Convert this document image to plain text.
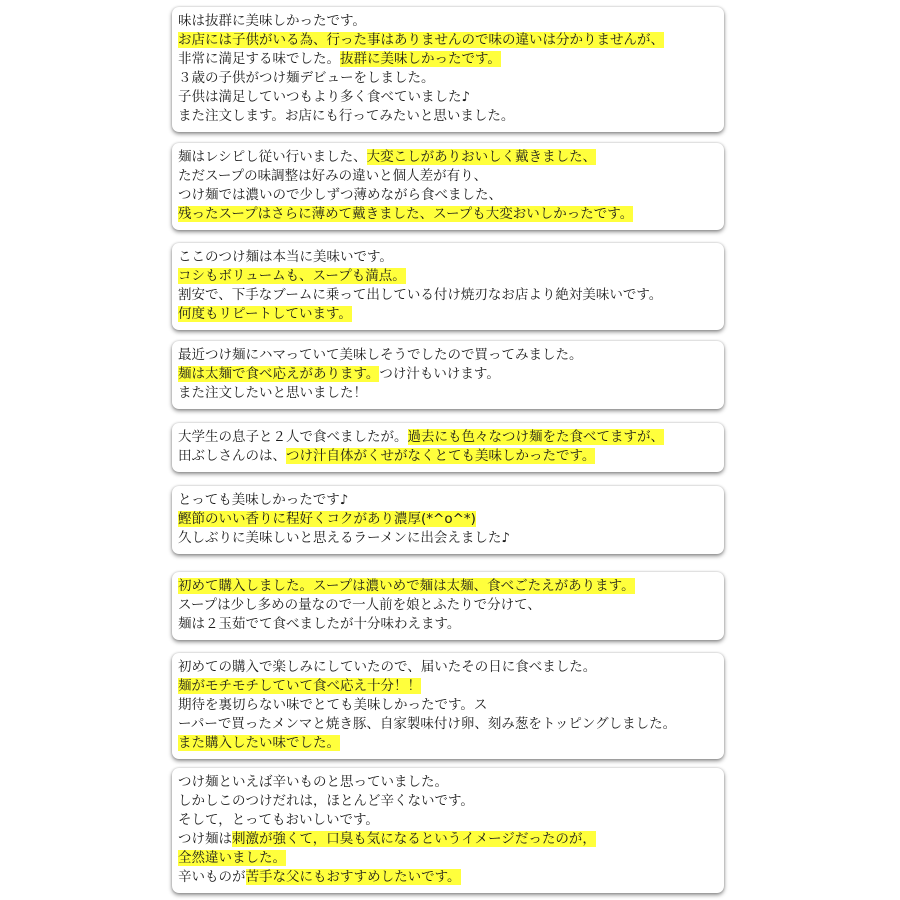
味は抜群に美味しかったです。
お店には子供がいる為、行った事はありませんので味の違いは分かりませんが、
非常に満足する味でした。抜群に美味しかったです。
３歳の子供がつけ麺デビューをしました。
子供は満足していつもより多く食べていました♪
また注文します。お店にも行ってみたいと思いました。
麺はレシピし従い行いました、大変こしがありおいしく戴きました、
ただスープの味調整は好みの違いと個人差が有り、
つけ麺では濃いので少しずつ薄めながら食べました、
残ったスープはさらに薄めて戴きました、スープも大変おいしかったです。
ここのつけ麺は本当に美味いです。
コシもボリュームも、スープも満点。
割安で、下手なブームに乗って出している付け焼刃なお店より絶対美味いです。
何度もリピートしています。
最近つけ麺にハマっていて美味しそうでしたので買ってみました。
麺は太麺で食べ応えがあります。つけ汁もいけます。
また注文したいと思いました！
大学生の息子と２人で食べましたが。過去にも色々なつけ麺をた食べてますが、
田ぶしさんのは、つけ汁自体がくせがなくとても美味しかったです。
とっても美味しかったです♪
鰹節のいい香りに程好くコクがあり濃厚(*^o^*)
久しぶりに美味しいと思えるラーメンに出会えました♪
初めて購入しました。スープは濃いめで麺は太麺、食べごたえがあります。
スープは少し多めの量なので一人前を娘とふたりで分けて、
麺は２玉茹でて食べましたが十分味わえます。
初めての購入で楽しみにしていたので、届いたその日に食べました。
麺がモチモチしていて食べ応え十分！！
期待を裏切らない味でとても美味しかったです。ス
ーパーで買ったメンマと焼き豚、自家製味付け卵、刻み葱をトッピングしました。
また購入したい味でした。
つけ麺といえば辛いものと思っていました。
しかしこのつけだれは，ほとんど辛くないです。
そして，とってもおいしいです。
つけ麺は刺激が強くて，口臭も気になるというイメージだったのが，
全然違いました。
辛いものが苦手な父にもおすすめしたいです。
